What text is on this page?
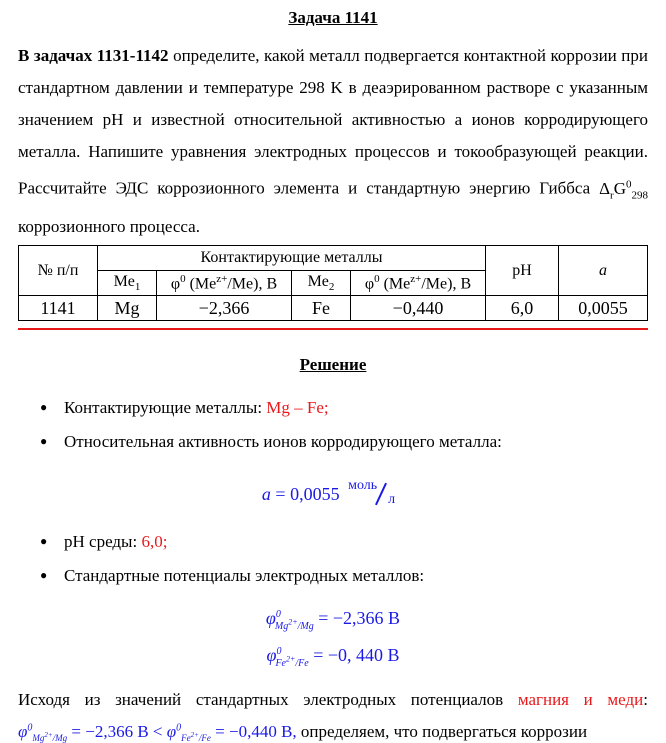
Задача 1141
В задачах 1131-1142 определите, какой металл подвергается контактной коррозии при стандартном давлении и температуре 298 K в деаэрированном растворе с указанным значением pH и известной относительной активностью a ионов корродирующего металла. Напишите уравнения электродных процессов и токообразующей реакции. Рассчитайте ЭДС коррозионного элемента и стандартную энергию Гиббса $\Delta_rG^0_{298}$ коррозионного процесса.
№ п/п	Контактирующие металлы				pH	a
	$Me_1$	$\varphi^0$ $(Me^{z+}/Me)$, B	$Me_2$	$\varphi^0$ $(Me^{z+}/Me)$, B		
1141	Mg	−2,366	Fe	−0,440	6,0	0,0055
Решение
● Контактирующие металлы: Mg – Fe;
● Относительная активность ионов корродирующего металла:
a = 0,0055 моль
л
● pH среды: 6,0;
● Стандартные потенциалы электродных металлов:
$\varphi^0_{Mg^{2+}/Mg} = -2,366$ В
$\varphi^0_{Fe^{2+}/Fe} = -0$, 440 В
Исходя из значений стандартных электродных потенциалов магния и меди:
$\varphi^0_{Mg^{2+}/Mg} = -2,366$ $В < \varphi^0_{Fe^{2+}/Fe} = -0,440$ В, определяем, что подвергаться коррозии
